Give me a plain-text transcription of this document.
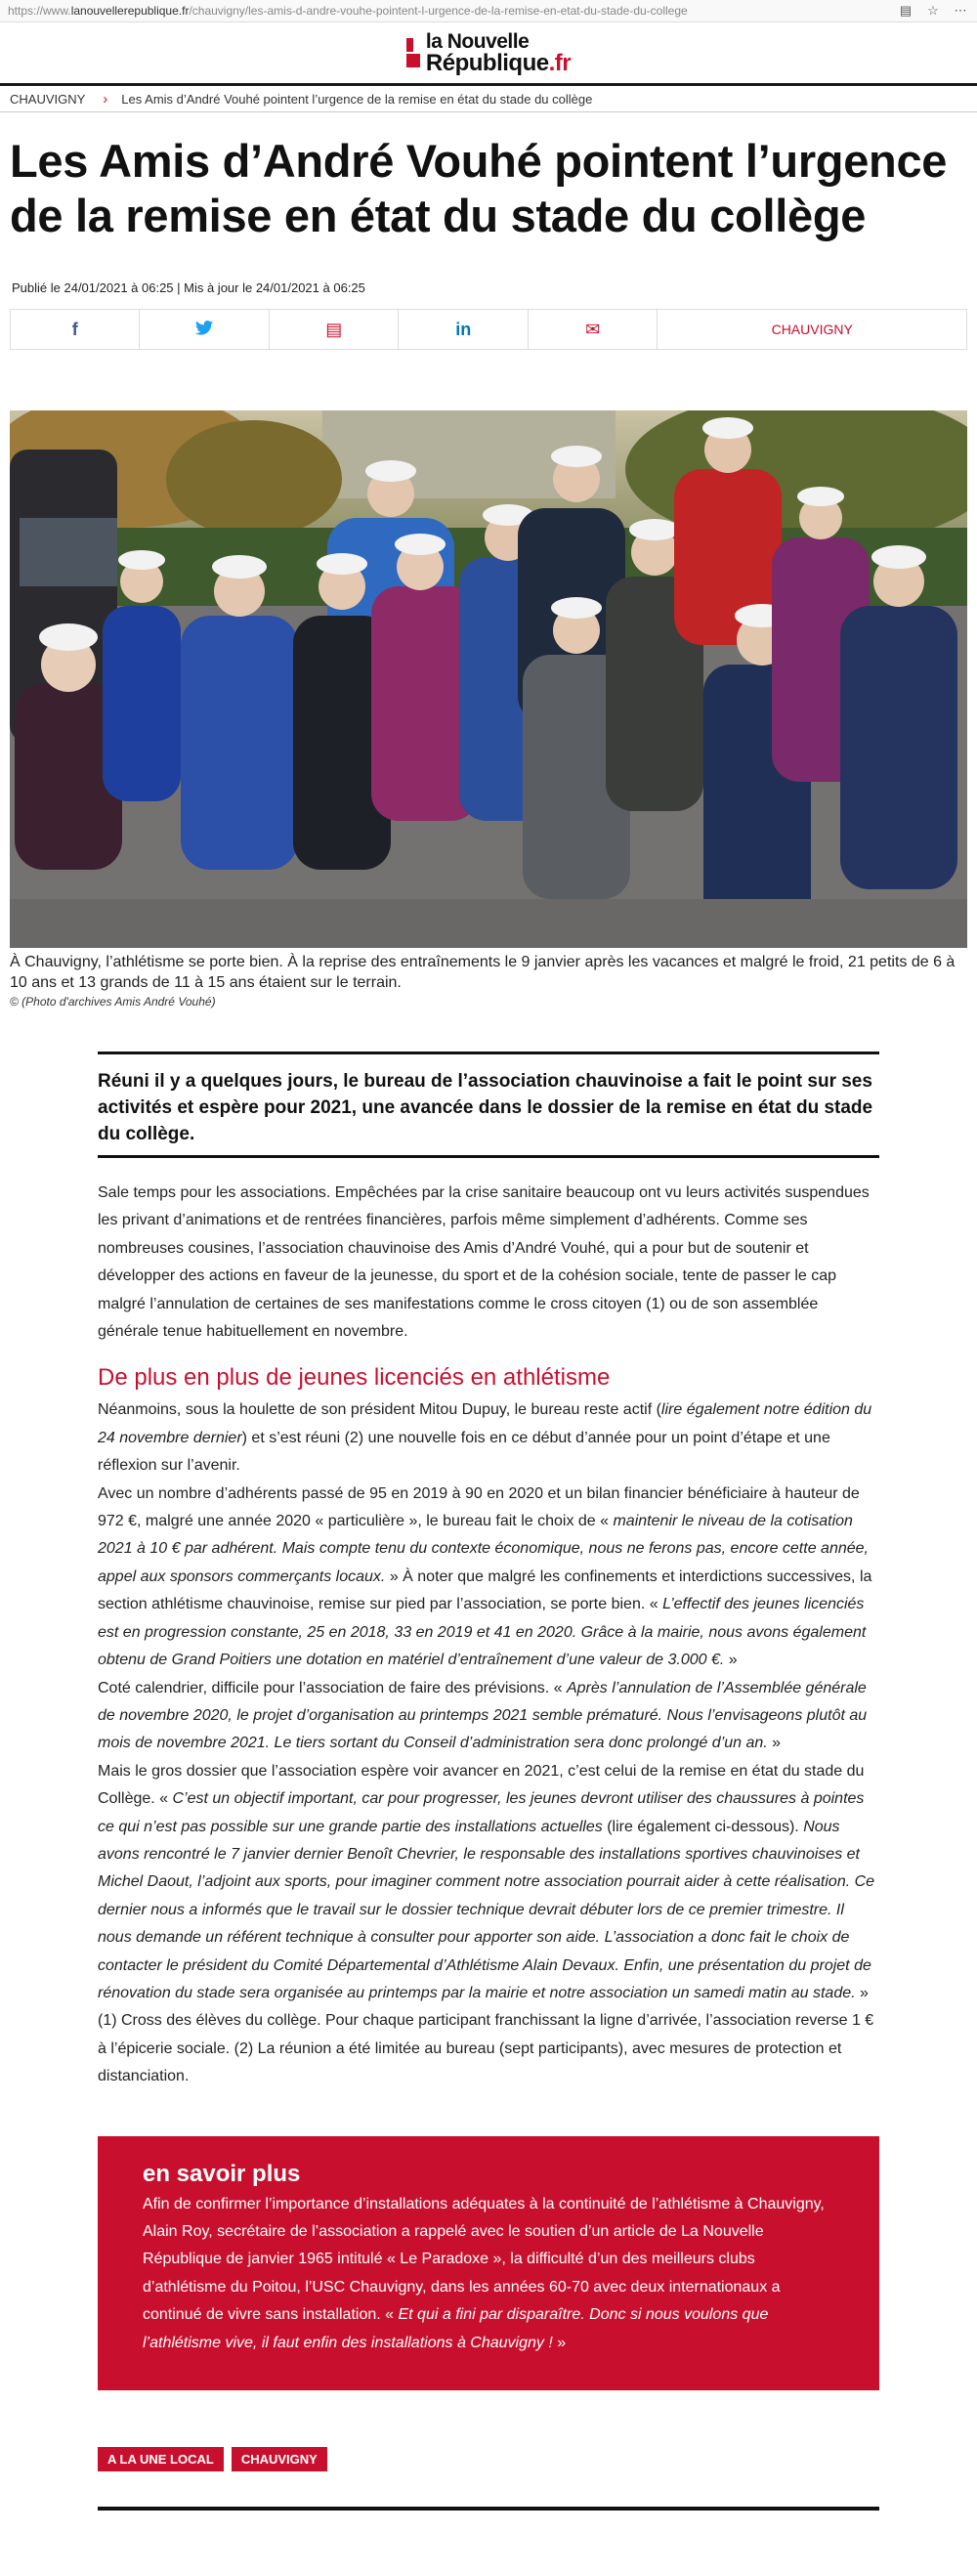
https://www.lanouvellerepublique.fr/chauvigny/les-amis-d-andre-vouhe-pointent-l-urgence-de-la-remise-en-etat-du-stade-du-college	▤ ☆ ⋯
la Nouvelle
République.fr
CHAUVIGNY › Les Amis d’André Vouhé pointent l’urgence de la remise en état du stade du collège
Les Amis d’André Vouhé pointent l’urgence de la remise en état du stade du collège
Publié le 24/01/2021 à 06:25 | Mis à jour le 24/01/2021 à 06:25
f	▤	in	✉	CHAUVIGNY
À Chauvigny, l’athlétisme se porte bien. À la reprise des entraînements le 9 janvier après les vacances et malgré le froid, 21 petits de 6 à 10 ans et 13 grands de 11 à 15 ans étaient sur le terrain.
© (Photo d'archives Amis André Vouhé)
Réuni il y a quelques jours, le bureau de l’association chauvinoise a fait le point sur ses activités et espère pour 2021, une avancée dans le dossier de la remise en état du stade du collège.

Sale temps pour les associations. Empêchées par la crise sanitaire beaucoup ont vu leurs activités suspendues les privant d’animations et de rentrées financières, parfois même simplement d’adhérents. Comme ses nombreuses cousines, l’association chauvinoise des Amis d’André Vouhé, qui a pour but de soutenir et développer des actions en faveur de la jeunesse, du sport et de la cohésion sociale, tente de passer le cap malgré l’annulation de certaines de ses manifestations comme le cross citoyen (1) ou de son assemblée générale tenue habituellement en novembre.

De plus en plus de jeunes licenciés en athlétisme

Néanmoins, sous la houlette de son président Mitou Dupuy, le bureau reste actif (lire également notre édition du 24 novembre dernier) et s’est réuni (2) une nouvelle fois en ce début d’année pour un point d’étape et une réflexion sur l’avenir.

Avec un nombre d’adhérents passé de 95 en 2019 à 90 en 2020 et un bilan financier bénéficiaire à hauteur de 972 €, malgré une année 2020 « particulière », le bureau fait le choix de « maintenir le niveau de la cotisation 2021 à 10 € par adhérent. Mais compte tenu du contexte économique, nous ne ferons pas, encore cette année, appel aux sponsors commerçants locaux. » À noter que malgré les confinements et interdictions successives, la section athlétisme chauvinoise, remise sur pied par l’association, se porte bien. « L’effectif des jeunes licenciés est en progression constante, 25 en 2018, 33 en 2019 et 41 en 2020. Grâce à la mairie, nous avons également obtenu de Grand Poitiers une dotation en matériel d’entraînement d’une valeur de 3.000 €. »

Coté calendrier, difficile pour l’association de faire des prévisions. « Après l’annulation de l’Assemblée générale de novembre 2020, le projet d’organisation au printemps 2021 semble prématuré. Nous l’envisageons plutôt au mois de novembre 2021. Le tiers sortant du Conseil d’administration sera donc prolongé d’un an. »

Mais le gros dossier que l’association espère voir avancer en 2021, c’est celui de la remise en état du stade du Collège. « C’est un objectif important, car pour progresser, les jeunes devront utiliser des chaussures à pointes ce qui n’est pas possible sur une grande partie des installations actuelles (lire également ci-dessous). Nous avons rencontré le 7 janvier dernier Benoît Chevrier, le responsable des installations sportives chauvinoises et Michel Daout, l’adjoint aux sports, pour imaginer comment notre association pourrait aider à cette réalisation. Ce dernier nous a informés que le travail sur le dossier technique devrait débuter lors de ce premier trimestre. Il nous demande un référent technique à consulter pour apporter son aide. L’association a donc fait le choix de contacter le président du Comité Départemental d’Athlétisme Alain Devaux. Enfin, une présentation du projet de rénovation du stade sera organisée au printemps par la mairie et notre association un samedi matin au stade. »

(1) Cross des élèves du collège. Pour chaque participant franchissant la ligne d’arrivée, l’association reverse 1 € à l’épicerie sociale. (2) La réunion a été limitée au bureau (sept participants), avec mesures de protection et distanciation.

en savoir plus

Afin de confirmer l’importance d’installations adéquates à la continuité de l’athlétisme à Chauvigny, Alain Roy, secrétaire de l’association a rappelé avec le soutien d’un article de La Nouvelle République de janvier 1965 intitulé « Le Paradoxe », la difficulté d’un des meilleurs clubs d’athlétisme du Poitou, l’USC Chauvigny, dans les années 60-70 avec deux internationaux a continué de vivre sans installation. « Et qui a fini par disparaître. Donc si nous voulons que l’athlétisme vive, il faut enfin des installations à Chauvigny ! »

A LA UNE LOCAL	CHAUVIGNY
